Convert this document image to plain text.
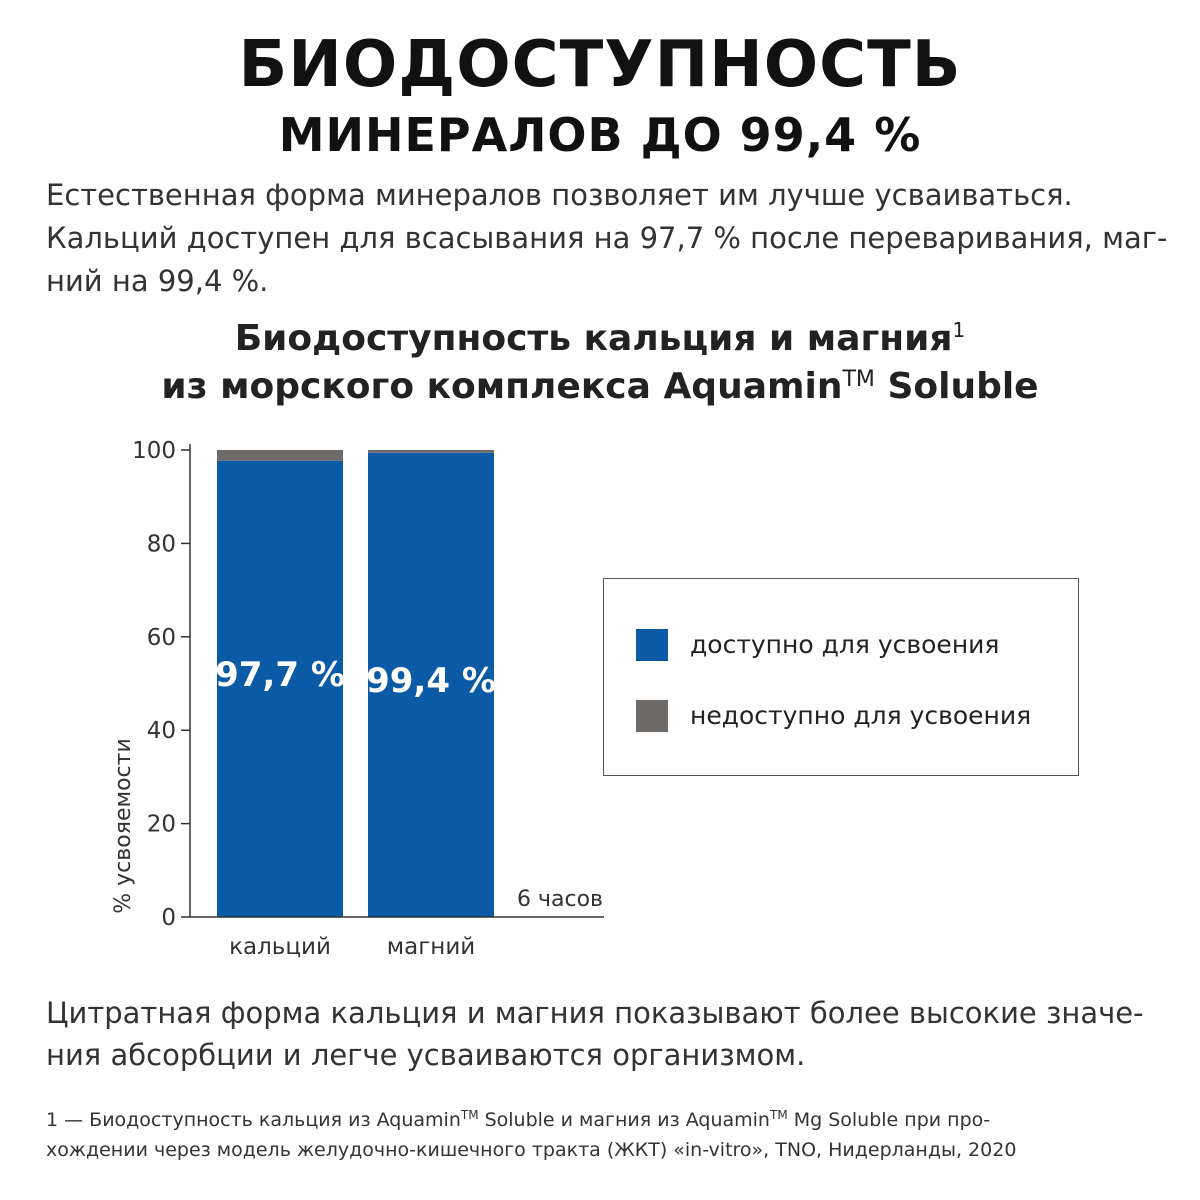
БИОДОСТУПНОСТЬ
МИНЕРАЛОВ ДО 99,4 %
Естественная форма минералов позволяет им лучше усваиваться.
Кальций доступен для всасывания на 97,7 % после переваривания, маг-
ний на 99,4 %.
Биодоступность кальция и магния$^1$
из морского комплекса Aquamin™ Soluble
0
20
40
60
80
100
% усвояемости
97,7 %
кальций
99,4 %
магний
6 часов
доступно для усвоения
недоступно для усвоения
Цитратная форма кальция и магния показывают более высокие значе-
ния абсорбции и легче усваиваются организмом.
1 — Биодоступность кальция из Aquamin™ Soluble и магния из Aquamin™ Mg Soluble при про-
хождении через модель желудочно-кишечного тракта (ЖКТ) «in-vitro», TNO, Нидерланды, 2020
